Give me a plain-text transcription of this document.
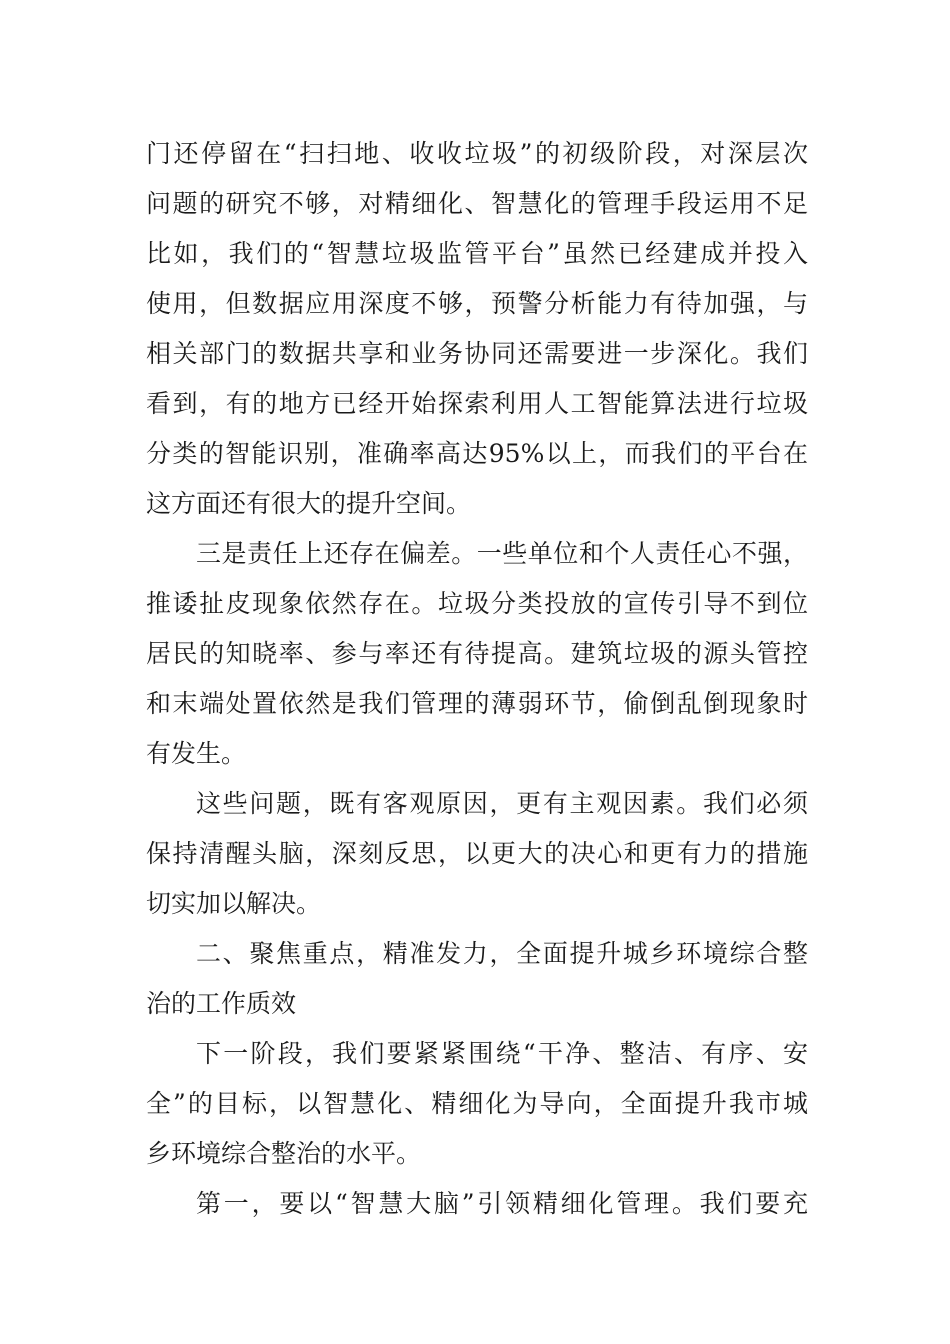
门还停留在“扫扫地、收收垃圾”的初级阶段，对深层次
问题的研究不够，对精细化、智慧化的管理手段运用不足
比如，我们的“智慧垃圾监管平台”虽然已经建成并投入
使用，但数据应用深度不够，预警分析能力有待加强，与
相关部门的数据共享和业务协同还需要进一步深化。我们
看到，有的地方已经开始探索利用人工智能算法进行垃圾
分类的智能识别，准确率高达95%以上，而我们的平台在
这方面还有很大的提升空间。
三是责任上还存在偏差。一些单位和个人责任心不强，
推诿扯皮现象依然存在。垃圾分类投放的宣传引导不到位
居民的知晓率、参与率还有待提高。建筑垃圾的源头管控
和末端处置依然是我们管理的薄弱环节，偷倒乱倒现象时
有发生。
这些问题，既有客观原因，更有主观因素。我们必须
保持清醒头脑，深刻反思，以更大的决心和更有力的措施
切实加以解决。
二、聚焦重点，精准发力，全面提升城乡环境综合整
治的工作质效
下一阶段，我们要紧紧围绕“干净、整洁、有序、安
全”的目标，以智慧化、精细化为导向，全面提升我市城
乡环境综合整治的水平。
第一，要以“智慧大脑”引领精细化管理。我们要充
